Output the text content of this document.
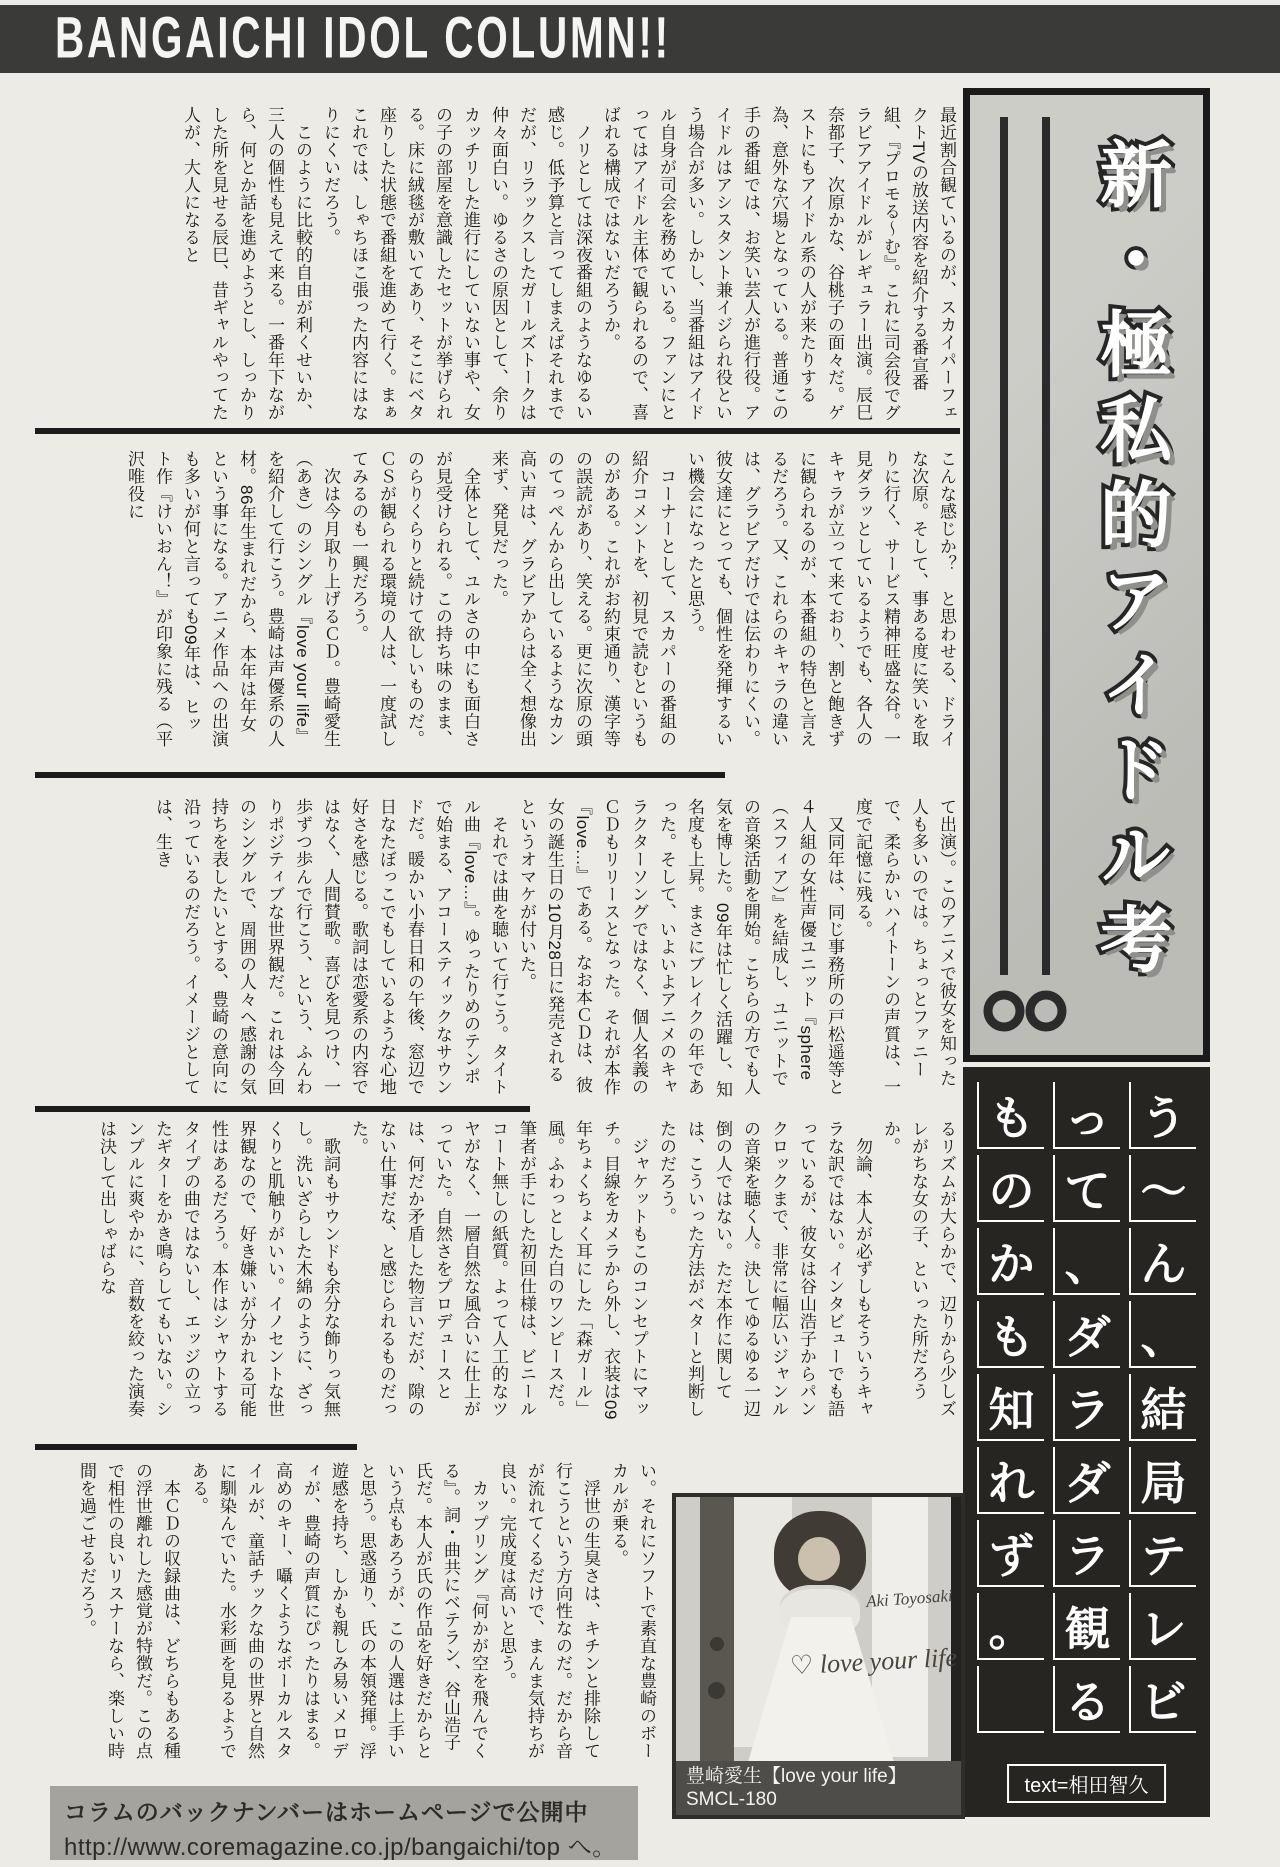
BANGAICHI IDOL COLUMN!!
新・極私的アイドル考

最近割合観ているのが、スカイパーフェクトTVの放送内容を紹介する番宣番組、『プロモる〜む』。これに司会役でグラビアアイドルがレギュラー出演。辰巳奈都子、次原かな、谷桃子の面々だ。ゲストにもアイドル系の人が来たりする為、意外な穴場となっている。普通この手の番組では、お笑い芸人が進行役。アイドルはアシスタント兼イジられ役という場合が多い。しかし、当番組はアイドル自身が司会を務めている。ファンにとってはアイドル主体で観られるので、喜ばれる構成ではないだろうか。

　ノリとしては深夜番組のようなゆるい感じ。低予算と言ってしまえばそれまでだが、リラックスしたガールズトークは仲々面白い。ゆるさの原因として、余りカッチリした進行にしていない事や、女の子の部屋を意識したセットが挙げられる。床に絨毯が敷いてあり、そこにベタ座りした状態で番組を進めて行く。まぁこれでは、しゃちほこ張った内容にはなりにくいだろう。

　このように比較的自由が利くせいか、三人の個性も見えて来る。一番年下ながら、何とか話を進めようとし、しっかりした所を見せる辰巳、昔ギャルやってた人が、大人になると

こんな感じか？　と思わせる、ドライな次原。そして、事ある度に笑いを取りに行く、サービス精神旺盛な谷。一見ダラッとしているようでも、各人のキャラが立って来ており、割と飽きずに観られるのが、本番組の特色と言えるだろう。又、これらのキャラの違いは、グラビアだけでは伝わりにくい。彼女達にとっても、個性を発揮するいい機会になったと思う。

　コーナーとして、スカパーの番組の紹介コメントを、初見で読むというものがある。これがお約束通り、漢字等の誤読があり、笑える。更に次原の頭のてっぺんから出しているようなカン高い声は、グラビアからは全く想像出来ず、発見だった。

　全体として、ユルさの中にも面白さが見受けられる。この持ち味のまま、のらりくらりと続けて欲しいものだ。ＣＳが観られる環境の人は、一度試してみるのも一興だろう。

　次は今月取り上げるＣＤ。豊崎愛生（あき）のシングル『love your life』を紹介して行こう。豊崎は声優系の人材。86年生まれだから、本年は年女という事になる。アニメ作品への出演も多いが何と言っても09年は、ヒット作『けいおん！』が印象に残る（平沢唯役に

て出演）。このアニメで彼女を知った人も多いのでは。ちょっとファニーで、柔らかいハイトーンの声質は、一度で記憶に残る。

　又同年は、同じ事務所の戸松遥等と４人組の女性声優ユニット『sphere（スフィア）』を結成し、ユニットでの音楽活動を開始。こちらの方でも人気を博した。09年は忙しく活躍し、知名度も上昇。まさにブレイクの年であった。そして、いよいよアニメのキャラクターソングではなく、個人名義のＣＤもリリースとなった。それが本作『love…』である。なお本ＣＤは、彼女の誕生日の10月28日に発売されるというオマケが付いた。

　それでは曲を聴いて行こう。タイトル曲『love…』。ゆったりめのテンポで始まる、アコースティックなサウンドだ。暖かい小春日和の午後、窓辺で日なたぼっこでもしているような心地好さを感じる。歌詞は恋愛系の内容ではなく、人間賛歌。喜びを見つけ、一歩ずつ歩んで行こう、という、ふんわりポジティブな世界観だ。これは今回のシングルで、周囲の人々へ感謝の気持ちを表したいとする、豊崎の意向に沿っているのだろう。イメージとしては、生き

るリズムが大らかで、辺りから少しズレがちな女の子、といった所だろうか。

　勿論、本人が必ずしもそういうキャラな訳ではない。インタビューでも語っているが、彼女は谷山浩子からパンクロックまで、非常に幅広いジャンルの音楽を聴く人。決してゆるゆる一辺倒の人ではない。ただ本作に関しては、こういった方法がベターと判断したのだろう。

　ジャケットもこのコンセプトにマッチ。目線をカメラから外し、衣装は09年ちょくちょく耳にした「森ガール」風。ふわっとした白のワンピースだ。筆者が手にした初回仕様は、ビニールコート無しの紙質。よって人工的なツヤがなく、一層自然な風合いに仕上がっていた。自然さをプロデュースとは、何だか矛盾した物言いだが、隙のない仕事だな、と感じられるものだった。

　歌詞もサウンドも余分な飾りっ気無し。洗いざらした木綿のように、ざっくりと肌触りがいい。イノセントな世界観なので、好き嫌いが分かれる可能性はあるだろう。本作はシャウトするタイプの曲ではないし、エッジの立ったギターをかき鳴らしてもいない。シンプルに爽やかに、音数を絞った演奏は決して出しゃばらな

い。それにソフトで素直な豊崎のボーカルが乗る。

　浮世の生臭さは、キチンと排除して行こうという方向性なのだ。だから音が流れてくるだけで、まんま気持ちが良い。完成度は高いと思う。

　カップリング『何かが空を飛んでくる』。詞・曲共にベテラン、谷山浩子氏だ。本人が氏の作品を好きだからという点もあろうが、この人選は上手いと思う。思惑通り、氏の本領発揮。浮遊感を持ち、しかも親しみ易いメロディが、豊崎の声質にぴったりはまる。高めのキー、囁くようなボーカルスタイルが、童話チックな曲の世界と自然に馴染んでいた。水彩画を見るようである。

　本ＣＤの収録曲は、どちらもある種の浮世離れした感覚が特徴だ。この点で相性の良いリスナーなら、楽しい時間を過ごせるだろう。

う
〜
ん
、
結
局
テ
レ
ビ
っ
て
、
ダ
ラ
ダ
ラ
観
る
も
の
か
も
知
れ
ず
。
text=相田智久
Aki Toyosaki
♡ love your life
豊崎愛生【love your life】
SMCL-180
コラムのバックナンバーはホームページで公開中
http://www.coremagazine.co.jp/bangaichi/top へ。
